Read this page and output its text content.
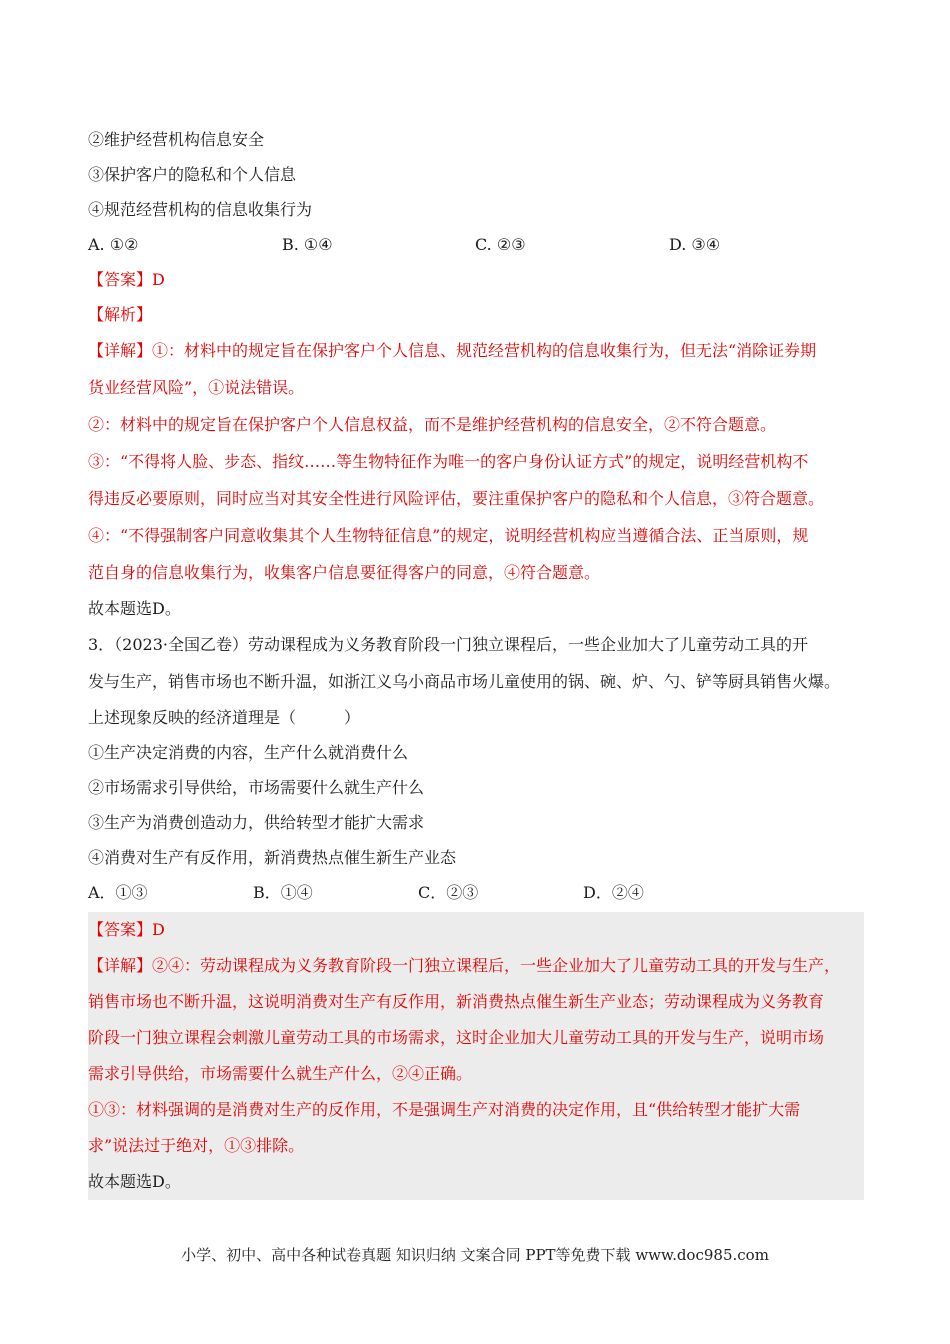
②维护经营机构信息安全

③保护客户的隐私和个人信息

④规范经营机构的信息收集行为

A. ①②	B. ①④	C. ②③	D. ③④

【答案】D

【解析】

【详解】①：材料中的规定旨在保护客户个人信息、规范经营机构的信息收集行为，但无法“消除证券期

货业经营风险”，①说法错误。

②：材料中的规定旨在保护客户个人信息权益，而不是维护经营机构的信息安全，②不符合题意。

③：“不得将人脸、步态、指纹……等生物特征作为唯一的客户身份认证方式”的规定，说明经营机构不

得违反必要原则，同时应当对其安全性进行风险评估，要注重保护客户的隐私和个人信息，③符合题意。

④：“不得强制客户同意收集其个人生物特征信息”的规定，说明经营机构应当遵循合法、正当原则，规

范自身的信息收集行为，收集客户信息要征得客户的同意，④符合题意。

故本题选D。

3．（2023·全国乙卷）劳动课程成为义务教育阶段一门独立课程后，一些企业加大了儿童劳动工具的开

发与生产，销售市场也不断升温，如浙江义乌小商品市场儿童使用的锅、碗、炉、勺、铲等厨具销售火爆。

上述现象反映的经济道理是（　　　）

①生产决定消费的内容，生产什么就消费什么

②市场需求引导供给，市场需要什么就生产什么

③生产为消费创造动力，供给转型才能扩大需求

④消费对生产有反作用，新消费热点催生新生产业态

A．①③	B．①④	C．②③	D．②④

【答案】D

【详解】②④：劳动课程成为义务教育阶段一门独立课程后，一些企业加大了儿童劳动工具的开发与生产，

销售市场也不断升温，这说明消费对生产有反作用，新消费热点催生新生产业态；劳动课程成为义务教育

阶段一门独立课程会刺激儿童劳动工具的市场需求，这时企业加大儿童劳动工具的开发与生产，说明市场

需求引导供给，市场需要什么就生产什么，②④正确。

①③：材料强调的是消费对生产的反作用，不是强调生产对消费的决定作用，且“供给转型才能扩大需

求”说法过于绝对，①③排除。

故本题选D。

小学、初中、高中各种试卷真题 知识归纳 文案合同 PPT等免费下载 www.doc985.com
